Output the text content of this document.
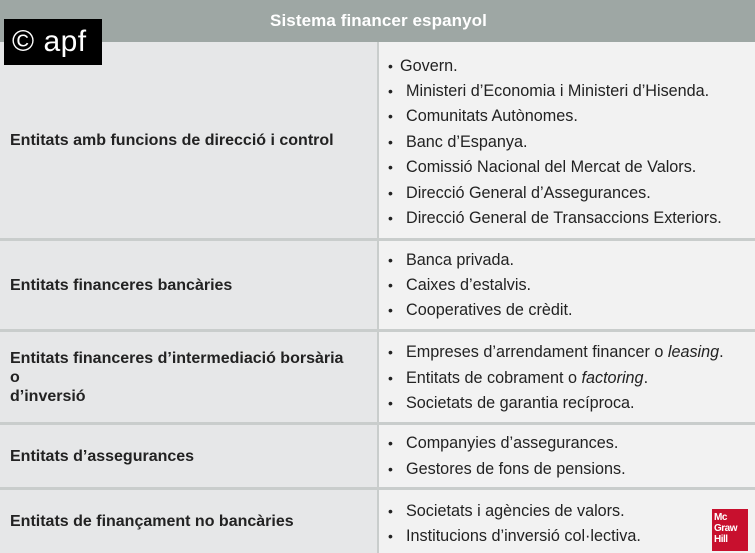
Sistema financer espanyol
Entitats amb funcions de direcció i control
• Govern.
• Ministeri d’Economia i Ministeri d’Hisenda.
• Comunitats Autònomes.
• Banc d’Espanya.
• Comissió Nacional del Mercat de Valors.
• Direcció General d’Assegurances.
• Direcció General de Transaccions Exteriors.
Entitats financeres bancàries
• Banca privada.
• Caixes d’estalvis.
• Cooperatives de crèdit.
Entitats financeres d’intermediació borsària o
d’inversió
• Empreses d’arrendament financer o leasing.
• Entitats de cobrament o factoring.
• Societats de garantia recíproca.
Entitats d’assegurances
• Companyies d’assegurances.
• Gestores de fons de pensions.
Entitats de finançament no bancàries
• Societats i agències de valors.
• Institucions d’inversió col·lectiva.
© apf
Mc
Graw
Hill
